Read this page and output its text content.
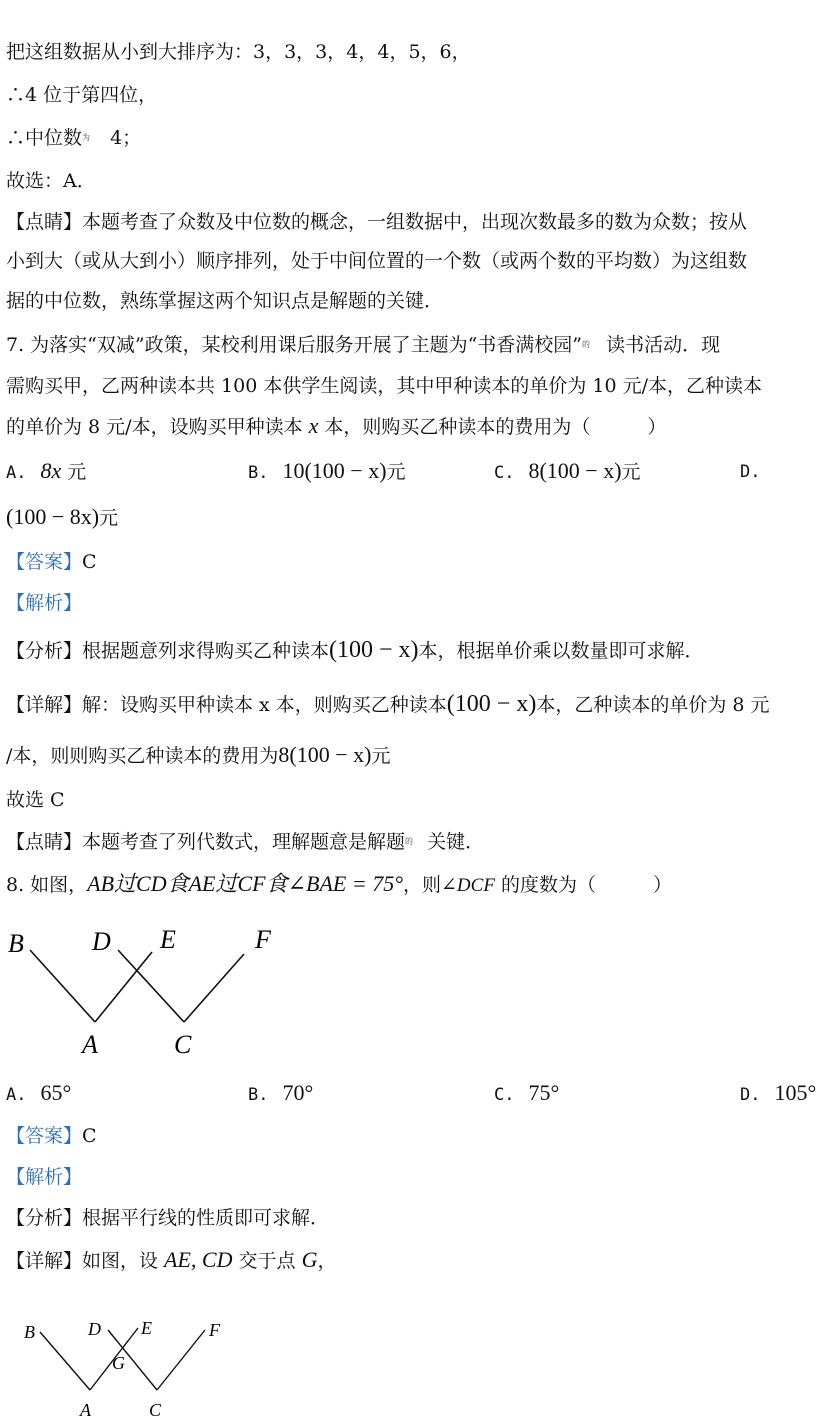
把这组数据从小到大排序为：3，3，3，4，4，5，6，
∴4 位于第四位，
∴中位数$^为$ 4；
故选：A．
【点睛】本题考查了众数及中位数的概念，一组数据中，出现次数最多的数为众数；按从
小到大（或从大到小）顺序排列，处于中间位置的一个数（或两个数的平均数）为这组数
据的中位数，熟练掌握这两个知识点是解题的关键．
7. 为落实“双减”政策，某校利用课后服务开展了主题为“书香满校园”$^的$ 读书活动．现
需购买甲，乙两种读本共 100 本供学生阅读，其中甲种读本的单价为 10 元/本，乙种读本
的单价为 8 元/本，设购买甲种读本 x 本，则购买乙种读本的费用为（　　　）
A. 8x 元	B. 10(100 − x)元	C. 8(100 − x)元	D.
(100 − 8x)元
【答案】C
【解析】
【分析】根据题意列求得购买乙种读本(100 − x)本，根据单价乘以数量即可求解．
【详解】解：设购买甲种读本 x 本，则购买乙种读本(100 − x)本，乙种读本的单价为 8 元
/本，则则购买乙种读本的费用为8(100 − x)元
故选 C
【点睛】本题考查了列代数式，理解题意是解题$^的$ 关键．
8. 如图，AB过CD食AE过CF食∠BAE = 75°，则∠DCF 的度数为（　　　）
B	D E	F
A	C
A. 65°	B. 70°	C. 75°	D. 105°
【答案】C
【解析】
【分析】根据平行线的性质即可求解．
【详解】如图，设 AE, CD 交于点 G，
B	D E	F
G
A	C
